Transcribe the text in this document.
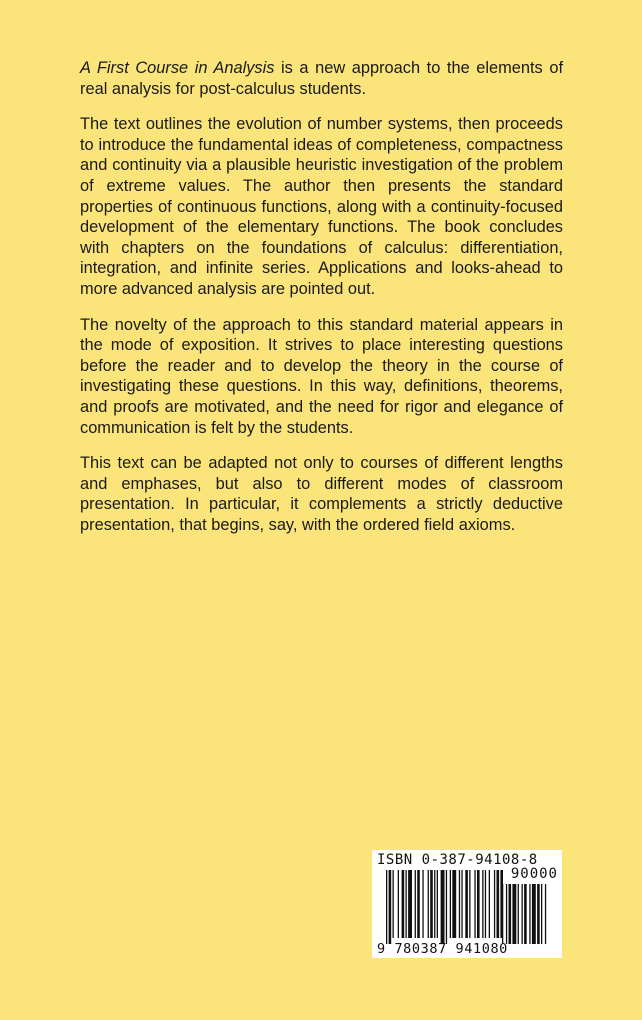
A First Course in Analysis is a new approach to the elements of real analysis for post-calculus students.

The text outlines the evolution of number systems, then proceeds to introduce the fundamental ideas of completeness, compactness and continuity via a plausible heuristic investigation of the problem of extreme values. The author then presents the standard properties of continuous functions, along with a continuity-focused development of the elementary functions. The book concludes with chapters on the foundations of calculus: differentiation, integration, and infinite series. Applications and looks-ahead to more advanced analysis are pointed out.

The novelty of the approach to this standard material appears in the mode of exposition. It strives to place interesting questions before the reader and to develop the theory in the course of investigating these questions. In this way, definitions, theorems, and proofs are motivated, and the need for rigor and elegance of communication is felt by the students.

This text can be adapted not only to courses of different lengths and emphases, but also to different modes of classroom presentation. In particular, it complements a strictly deductive presentation, that begins, say, with the ordered field axioms.

ISBN 0-387-94108-8
90000
9 780387 941080
